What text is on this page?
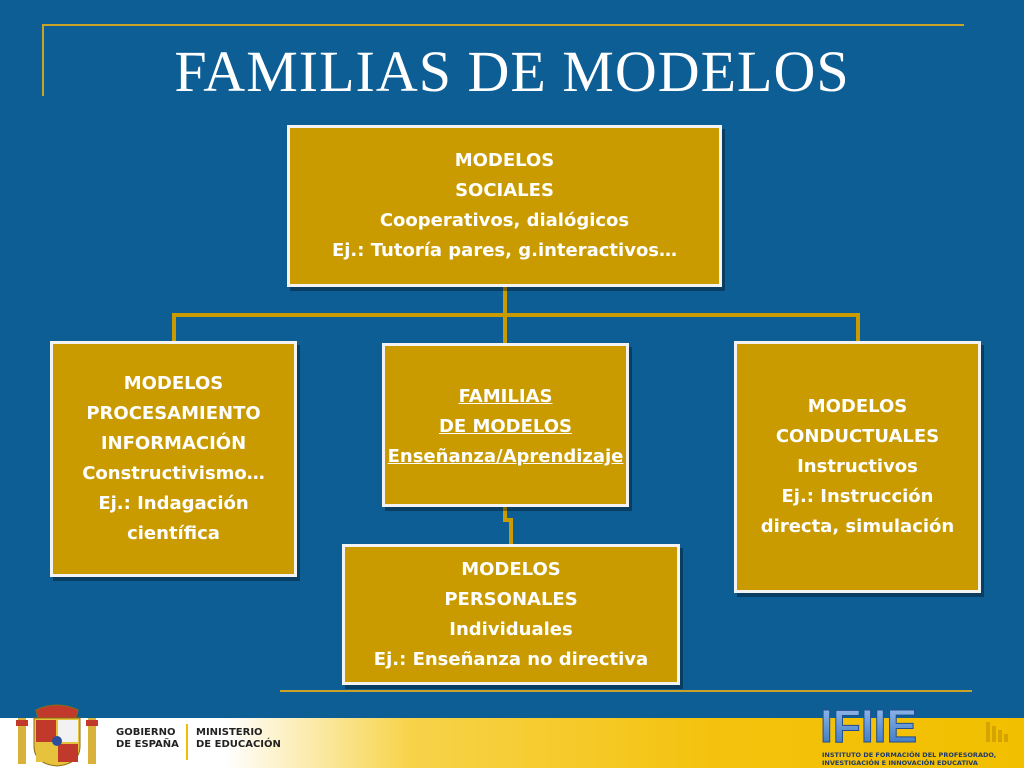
FAMILIAS DE MODELOS
MODELOS
SOCIALES
Cooperativos, dialógicos
Ej.: Tutoría pares, g.interactivos…
MODELOS
PROCESAMIENTO
INFORMACIÓN
Constructivismo…
Ej.: Indagación
científica
FAMILIAS
DE MODELOS
Enseñanza/Aprendizaje
MODELOS
CONDUCTUALES
Instructivos
Ej.: Instrucción
directa, simulación
MODELOS
PERSONALES
Individuales
Ej.: Enseñanza no directiva
GOBIERNO
DE ESPAÑA
MINISTERIO
DE EDUCACIÓN	IFIIE
INSTITUTO DE FORMACIÓN DEL PROFESORADO,
INVESTIGACIÓN E INNOVACIÓN EDUCATIVA
